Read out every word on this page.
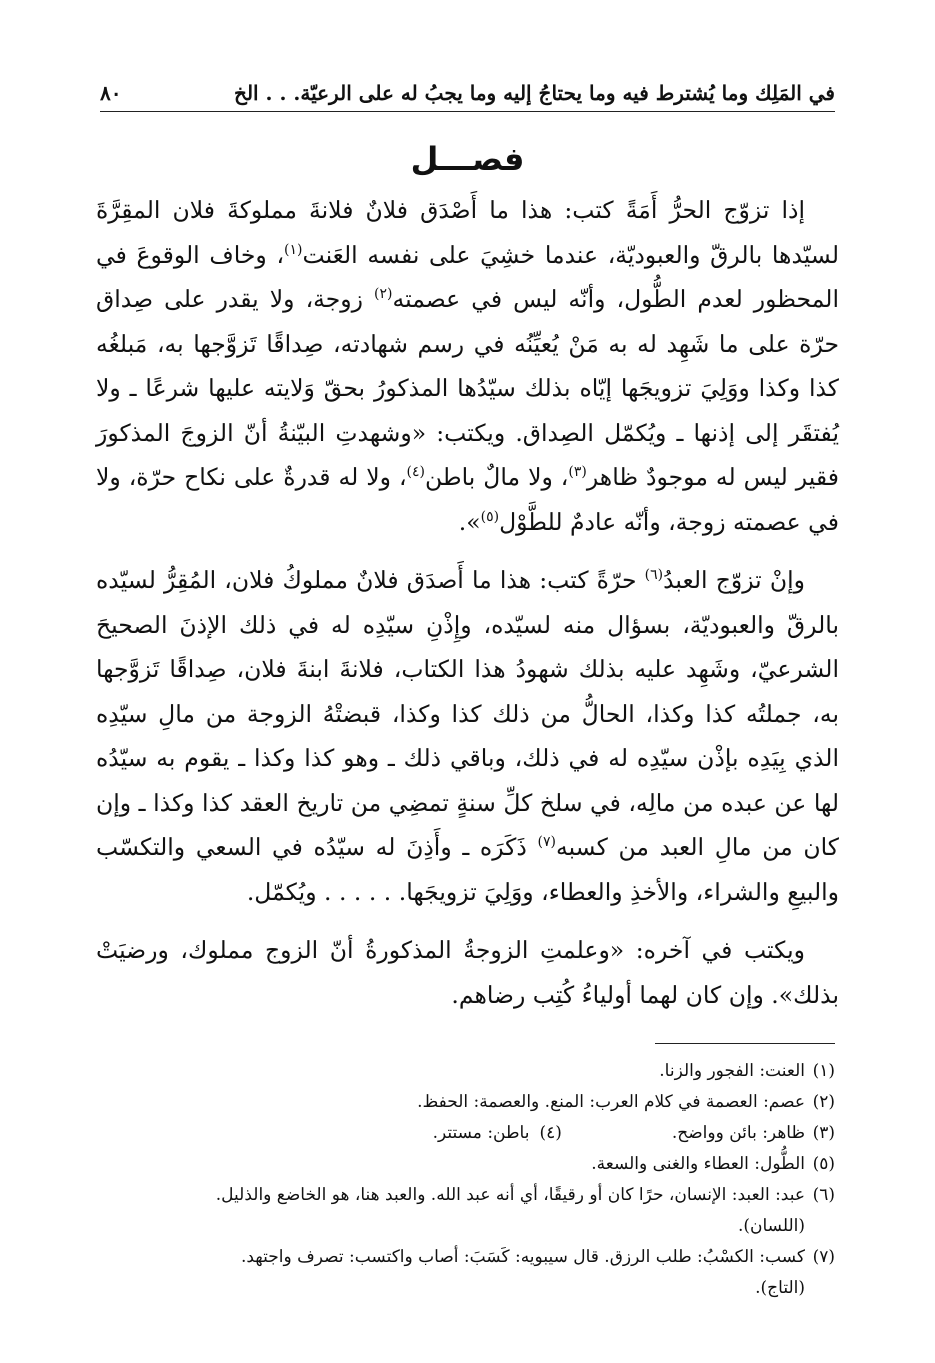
في المَلِك وما يُشترط فيه وما يحتاجُ إليه وما يجبُ له على الرعيّة. . . الخ
٨٠
فصـــل

إذا تزوّج الحرُّ أَمَةً كتب: هذا ما أَصْدَق فلانٌ فلانةَ مملوكةَ فلان المقِرَّةَ لسيّدها بالرقّ والعبوديّة، عندما خشِيَ على نفسه العَنت$^{(١)}$، وخاف الوقوعَ في المحظور لعدم الطُّول، وأنّه ليس في عصمته$^{(٢)}$ زوجة، ولا يقدر على صِداق حرّة على ما شَهِد له به مَنْ يُعيِّنُه في رسم شهادته، صِداقًا تَزوَّجها به، مَبلغُه كذا وكذا ووَلِيَ تزويجَها إيّاه بذلك سيّدُها المذكورُ بحقّ وَلايته عليها شرعًا ـ ولا يُفتقَر إلى إذنها ـ ويُكمّل الصِداق. ويكتب: «وشهدتِ البيّنةُ أنّ الزوجَ المذكورَ فقير ليس له موجودٌ ظاهر$^{(٣)}$، ولا مالٌ باطن$^{(٤)}$، ولا له قدرةٌ على نكاح حرّة، ولا في عصمته زوجة، وأنّه عادمٌ للطَّوْل$^{(٥)}$».

وإنْ تزوّج العبدُ$^{(٦)}$ حرّةً كتب: هذا ما أَصدَق فلانٌ مملوكُ فلان، المُقِرُّ لسيّده بالرقّ والعبوديّة، بسؤال منه لسيّده، وإِذْنِ سيّدِه له في ذلك الإذنَ الصحيحَ الشرعيّ، وشَهِد عليه بذلك شهودُ هذا الكتاب، فلانةَ ابنةَ فلان، صِداقًا تَزوَّجها به، جملتُه كذا وكذا، الحالُّ من ذلك كذا وكذا، قبضتْهُ الزوجة من مالِ سيّدِه الذي بِيَدِه بإذْن سيّدِه له في ذلك، وباقي ذلك ـ وهو كذا وكذا ـ يقوم به سيّدُه لها عن عبده من مالِه، في سلخ كلِّ سنةٍ تمضِي من تاريخ العقد كذا وكذا ـ وإن كان من مالِ العبد من كسبه$^{(٧)}$ ذَكَرَه ـ وأَذِنَ له سيّدُه في السعي والتكسّب والبيعِ والشراء، والأخذِ والعطاء، ووَلِيَ تزويجَها. . . . . . ويُكمّل.

ويكتب في آخره: «وعلمتِ الزوجةُ المذكورةُ أنّ الزوج مملوك، ورضيَتْ بذلك». وإن كان لهما أولياءُ كُتِب رضاهم.

(١)
العنت: الفجور والزنا.
(٢)
عصم: العصمة في كلام العرب: المنع. والعصمة: الحفظ.
(٣)
ظاهر: بائن وواضح.
(٤)
باطن: مستتر.
(٥)
الطُّول: العطاء والغنى والسعة.
(٦)
عبد: العبد: الإنسان، حرًا كان أو رقيقًا، أي أنه عبد الله. والعبد هنا، هو الخاضع والذليل.
(اللسان).
(٧)
كسب: الكسْبُ: طلب الرزق. قال سيبويه: كَسَبَ: أصاب واكتسب: تصرف واجتهد.
(التاج).
